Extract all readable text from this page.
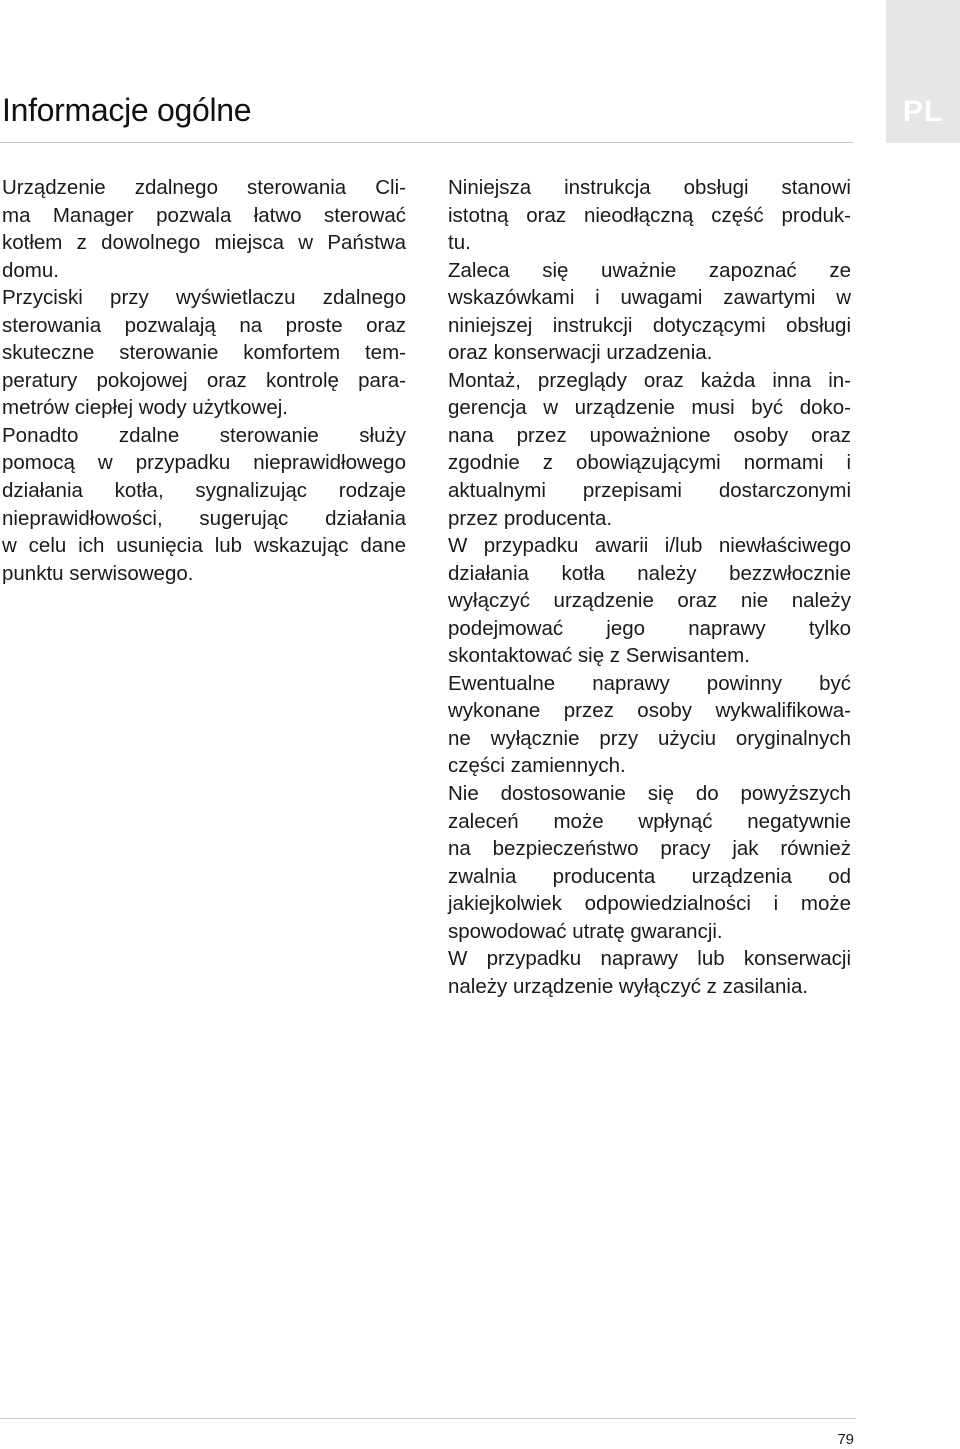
PL
Informacje ogólne
Urządzenie zdalnego sterowania Cli-
ma Manager pozwala łatwo sterować
kotłem z dowolnego miejsca w Państwa
domu.
Przyciski przy wyświetlaczu zdalnego
sterowania pozwalają na proste oraz
skuteczne sterowanie komfortem tem-
peratury pokojowej oraz kontrolę para-
metrów ciepłej wody użytkowej.
Ponadto zdalne sterowanie służy
pomocą w przypadku nieprawidłowego
działania kotła, sygnalizując rodzaje
nieprawidłowości, sugerując działania
w celu ich usunięcia lub wskazując dane
punktu serwisowego.
Niniejsza instrukcja obsługi stanowi
istotną oraz nieodłączną część produk-
tu.
Zaleca się uważnie zapoznać ze
wskazówkami i uwagami zawartymi w
niniejszej instrukcji dotyczącymi obsługi
oraz konserwacji urzadzenia.
Montaż, przeglądy oraz każda inna in-
gerencja w urządzenie musi być doko-
nana przez upoważnione osoby oraz
zgodnie z obowiązującymi normami i
aktualnymi przepisami dostarczonymi
przez producenta.
W przypadku awarii i/lub niewłaściwego
działania kotła należy bezzwłocznie
wyłączyć urządzenie oraz nie należy
podejmować jego naprawy tylko
skontaktować się z Serwisantem.
Ewentualne naprawy powinny być
wykonane przez osoby wykwalifikowa-
ne wyłącznie przy użyciu oryginalnych
części zamiennych.
Nie dostosowanie się do powyższych
zaleceń może wpłynąć negatywnie
na bezpieczeństwo pracy jak również
zwalnia producenta urządzenia od
jakiejkolwiek odpowiedzialności i może
spowodować utratę gwarancji.
W przypadku naprawy lub konserwacji
należy urządzenie wyłączyć z zasilania.
79
